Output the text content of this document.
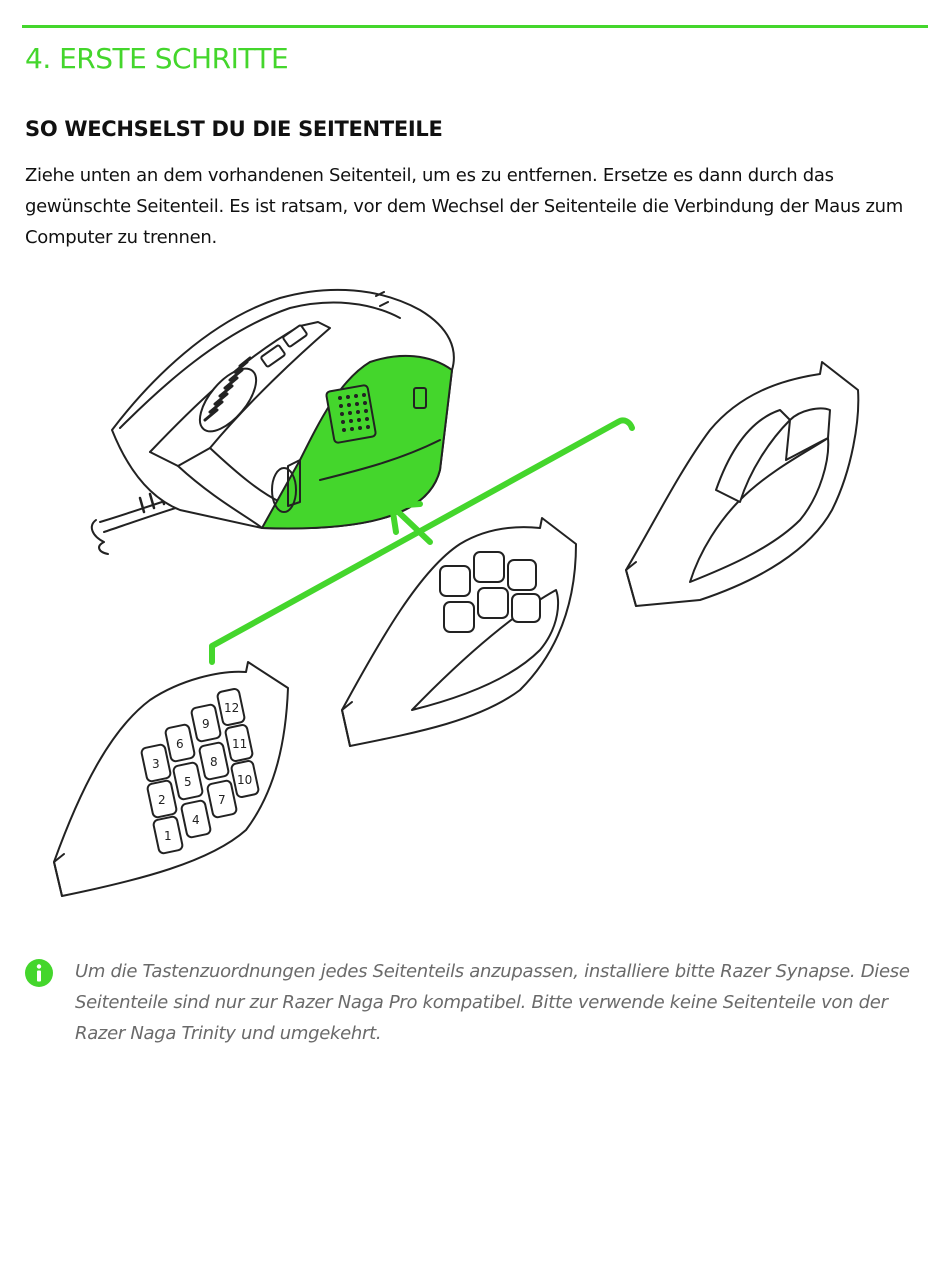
4. ERSTE SCHRITTE
SO WECHSELST DU DIE SEITENTEILE

Ziehe unten an dem vorhandenen Seitenteil, um es zu entfernen. Ersetze es dann durch das gewünschte Seitenteil. Es ist ratsam, vor dem Wechsel der Seitenteile die Verbindung der Maus zum Computer zu trennen.

1
2
3
4
5
6
7
8
9
10
11
12

Um die Tastenzuordnungen jedes Seitenteils anzupassen, installiere bitte Razer Synapse. Diese Seitenteile sind nur zur Razer Naga Pro kompatibel. Bitte verwende keine Seitenteile von der Razer Naga Trinity und umgekehrt.
